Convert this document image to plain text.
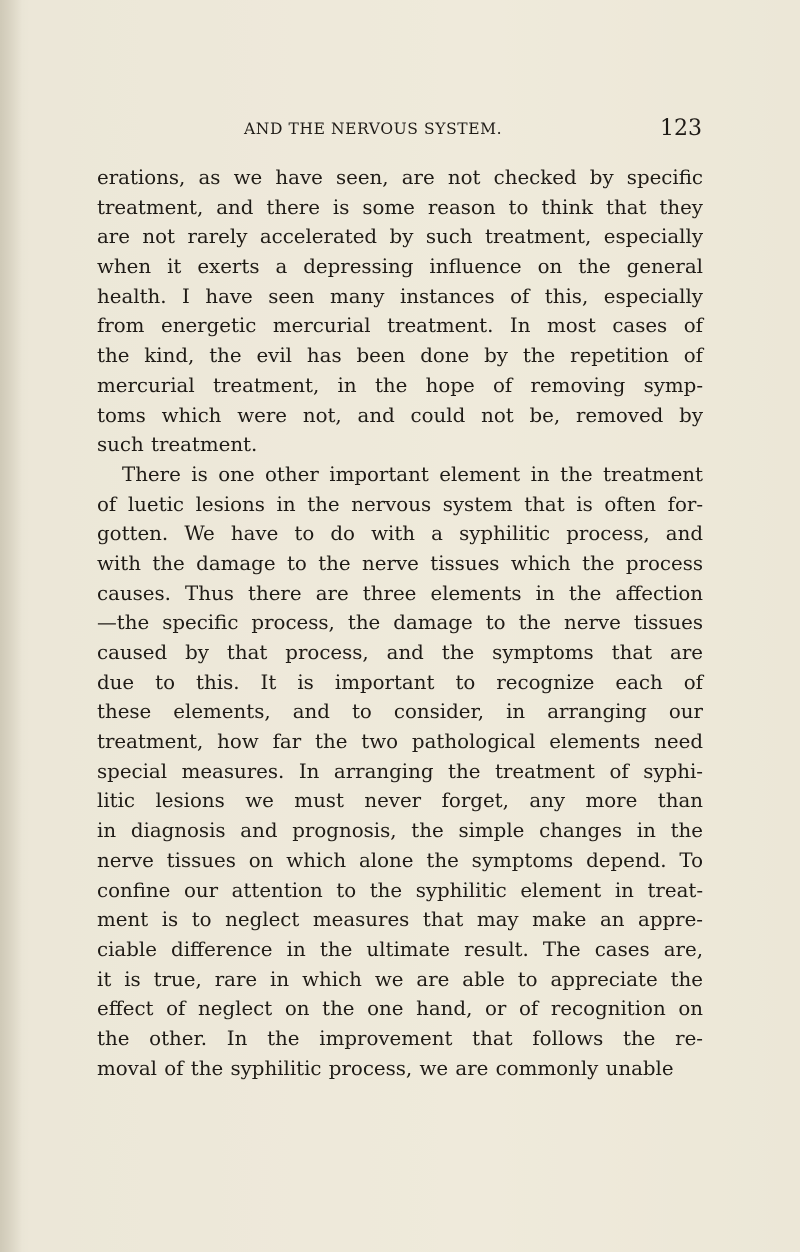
AND THE NERVOUS SYSTEM.	123
erations, as we have seen, are not checked by specific
treatment, and there is some reason to think that they
are not rarely accelerated by such treatment, especially
when it exerts a depressing influence on the general
health. I have seen many instances of this, especially
from energetic mercurial treatment. In most cases of
the kind, the evil has been done by the repetition of
mercurial treatment, in the hope of removing symp-
toms which were not, and could not be, removed by
such treatment.
There is one other important element in the treatment
of luetic lesions in the nervous system that is often for-
gotten. We have to do with a syphilitic process, and
with the damage to the nerve tissues which the process
causes. Thus there are three elements in the affection
—the specific process, the damage to the nerve tissues
caused by that process, and the symptoms that are
due to this. It is important to recognize each of
these elements, and to consider, in arranging our
treatment, how far the two pathological elements need
special measures. In arranging the treatment of syphi-
litic lesions we must never forget, any more than
in diagnosis and prognosis, the simple changes in the
nerve tissues on which alone the symptoms depend. To
confine our attention to the syphilitic element in treat-
ment is to neglect measures that may make an appre-
ciable difference in the ultimate result. The cases are,
it is true, rare in which we are able to appreciate the
effect of neglect on the one hand, or of recognition on
the other. In the improvement that follows the re-
moval of the syphilitic process, we are commonly unable
